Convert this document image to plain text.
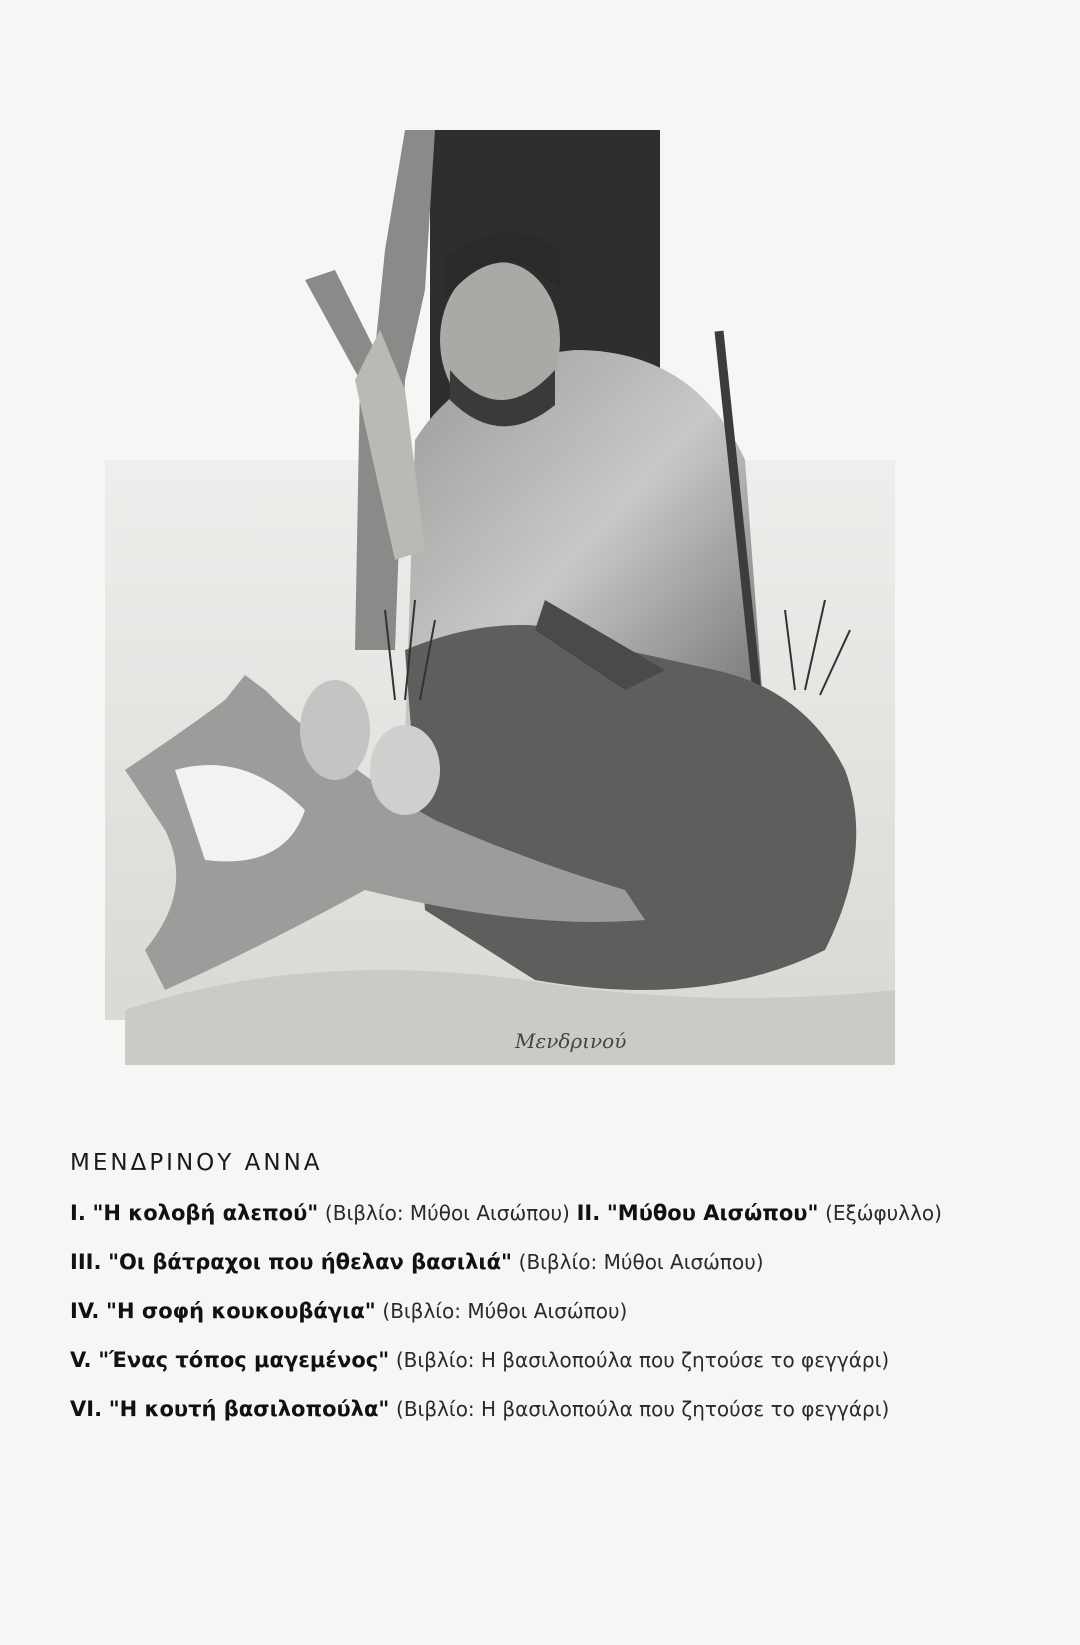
Μενδρινού
ΜΕΝΔΡΙΝΟΥ ΑΝΝΑ

I. "Η κολοβή αλεπού" (Βιβλίο: Μύθοι Αισώπου) II. "Μύθου Αισώπου" (Εξώφυλλο)

III. "Οι βάτραχοι που ήθελαν βασιλιά" (Βιβλίο: Μύθοι Αισώπου)

IV. "Η σοφή κουκουβάγια" (Βιβλίο: Μύθοι Αισώπου)

V. "Ένας τόπος μαγεμένος" (Βιβλίο: Η βασιλοπούλα που ζητούσε το φεγγάρι)

VI. "Η κουτή βασιλοπούλα" (Βιβλίο: Η βασιλοπούλα που ζητούσε το φεγγάρι)
